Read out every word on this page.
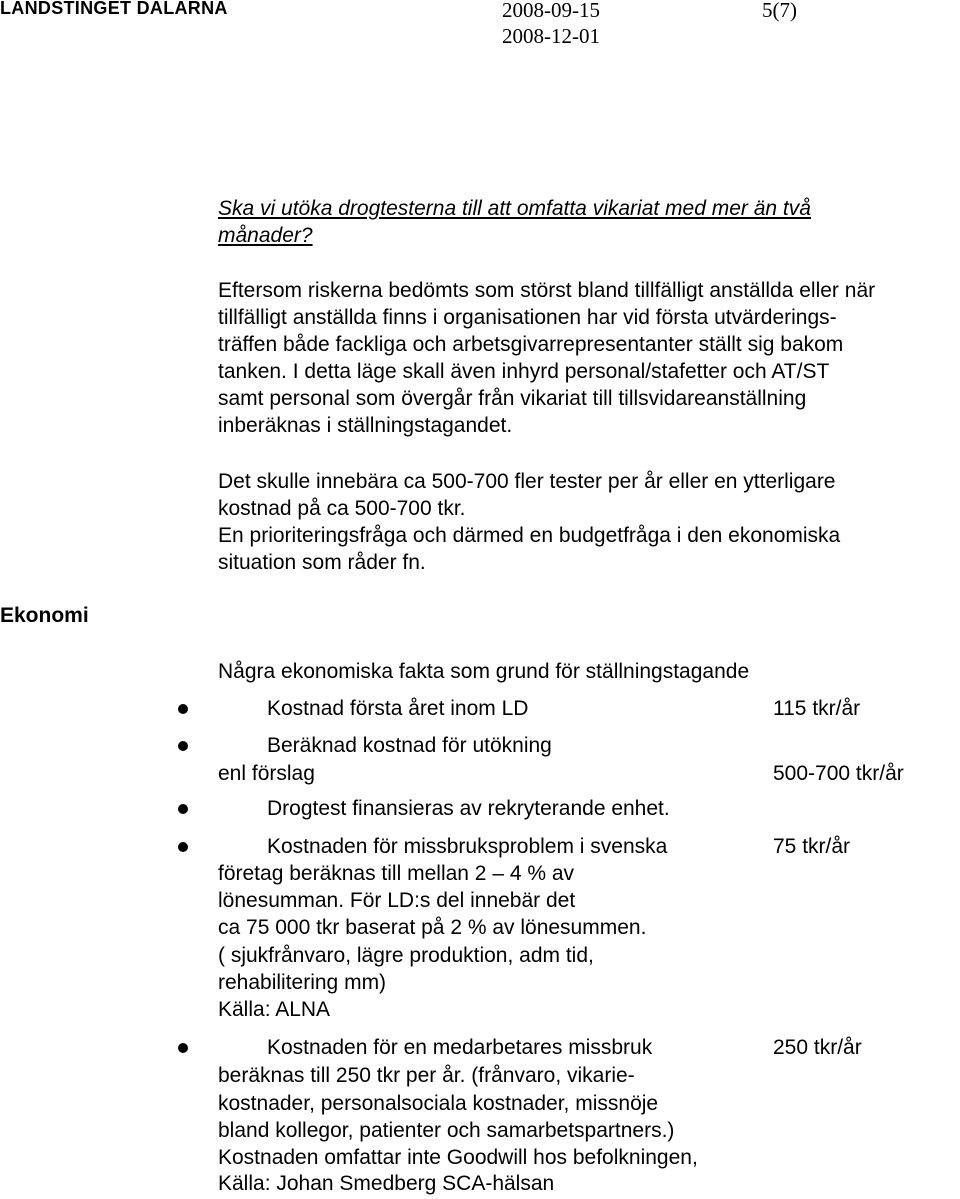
LANDSTINGET DALARNA	2008-09-15
2008-12-01
5(7)
Ska vi utöka drogtesterna till att omfatta vikariat med mer än två
månader?
Eftersom riskerna bedömts som störst bland tillfälligt anställda eller när
tillfälligt anställda finns i organisationen har vid första utvärderings-
träffen både fackliga och arbetsgivarrepresentanter ställt sig bakom
tanken. I detta läge skall även inhyrd personal/stafetter och AT/ST
samt personal som övergår från vikariat till tillsvidareanställning
inberäknas i ställningstagandet.
Det skulle innebära ca 500-700 fler tester per år eller en ytterligare
kostnad på ca 500-700 tkr.
En prioriteringsfråga och därmed en budgetfråga i den ekonomiska
situation som råder fn.
Ekonomi
Några ekonomiska fakta som grund för ställningstagande
Kostnad första året inom LD	115 tkr/år
Beräknad kostnad för utökning
enl förslag	500-700 tkr/år
Drogtest finansieras av rekryterande enhet.
Kostnaden för missbruksproblem i svenska	75 tkr/år
företag beräknas till mellan 2 – 4 % av
lönesumman. För LD:s del innebär det
ca 75 000 tkr baserat på 2 % av lönesummen.
( sjukfrånvaro, lägre produktion, adm tid,
rehabilitering mm)
Källa: ALNA
Kostnaden för en medarbetares missbruk	250 tkr/år
beräknas till 250 tkr per år. (frånvaro, vikarie-
kostnader, personalsociala kostnader, missnöje
bland kollegor, patienter och samarbetspartners.)
Kostnaden omfattar inte Goodwill hos befolkningen,
Källa: Johan Smedberg SCA-hälsan
